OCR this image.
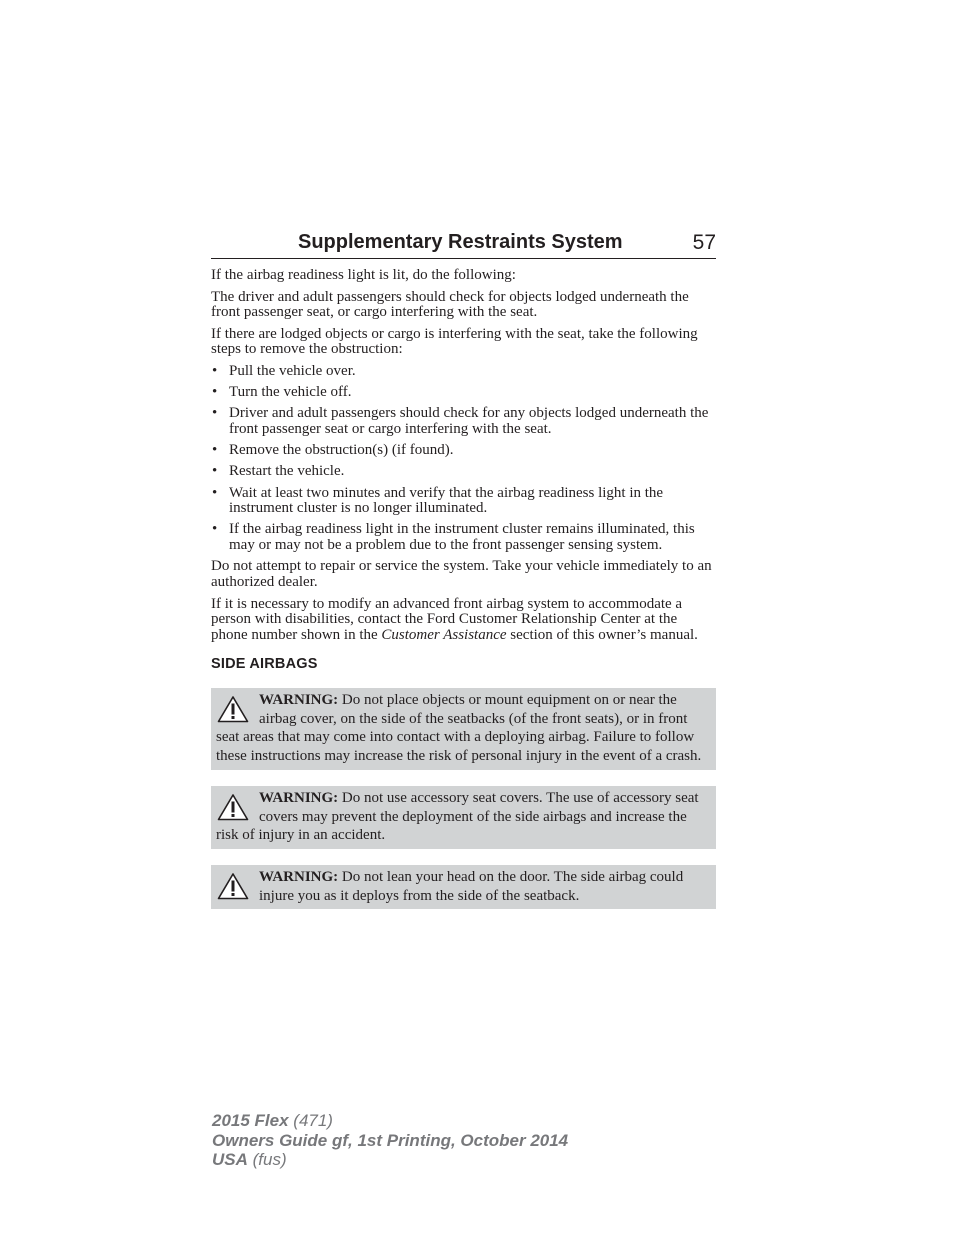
Supplementary Restraints System	57

If the airbag readiness light is lit, do the following:

The driver and adult passengers should check for objects lodged underneath the front passenger seat, or cargo interfering with the seat.

If there are lodged objects or cargo is interfering with the seat, take the following steps to remove the obstruction:

• Pull the vehicle over.
• Turn the vehicle off.
• Driver and adult passengers should check for any objects lodged underneath the front passenger seat or cargo interfering with the seat.
• Remove the obstruction(s) (if found).
• Restart the vehicle.
• Wait at least two minutes and verify that the airbag readiness light in the instrument cluster is no longer illuminated.
• If the airbag readiness light in the instrument cluster remains illuminated, this may or may not be a problem due to the front passenger sensing system.

Do not attempt to repair or service the system. Take your vehicle immediately to an authorized dealer.

If it is necessary to modify an advanced front airbag system to accommodate a person with disabilities, contact the Ford Customer Relationship Center at the phone number shown in the Customer Assistance section of this owner’s manual.

SIDE AIRBAGS
WARNING: Do not place objects or mount equipment on or near the airbag cover, on the side of the seatbacks (of the front seats), or in front seat areas that may come into contact with a deploying airbag. Failure to follow these instructions may increase the risk of personal injury in the event of a crash.
WARNING: Do not use accessory seat covers. The use of accessory seat covers may prevent the deployment of the side airbags and increase the risk of injury in an accident.
WARNING: Do not lean your head on the door. The side airbag could injure you as it deploys from the side of the seatback.
2015 Flex (471)
Owners Guide gf, 1st Printing, October 2014
USA (fus)
